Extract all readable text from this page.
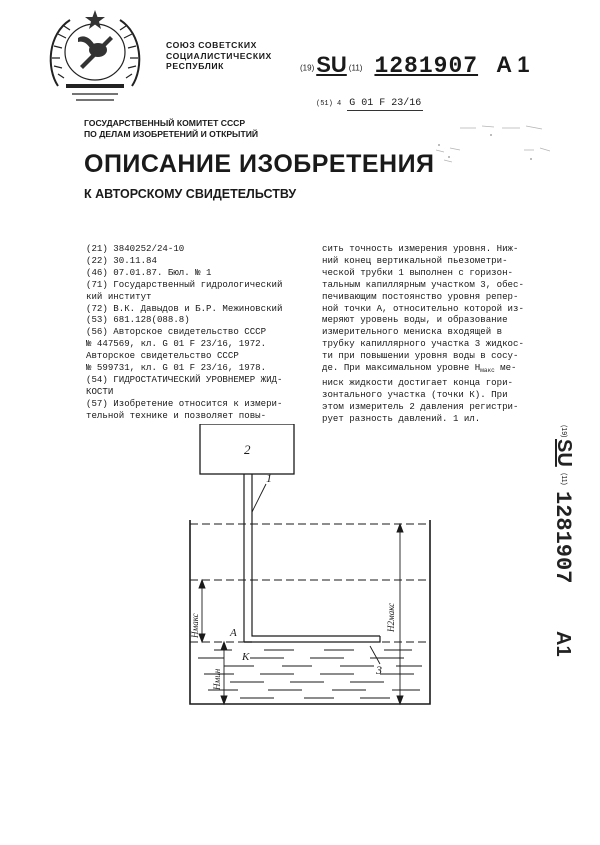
СОЮЗ СОВЕТСКИХ
СОЦИАЛИСТИЧЕСКИХ
РЕСПУБЛИК	(19)SU (11) 1281907 A 1
(51) 4 G 01 F 23/16
ГОСУДАРСТВЕННЫЙ КОМИТЕТ СССР
ПО ДЕЛАМ ИЗОБРЕТЕНИЙ И ОТКРЫТИЙ
ОПИСАНИЕ ИЗОБРЕТЕНИЯ
К АВТОРСКОМУ СВИДЕТЕЛЬСТВУ
(21) 3840252/24-10
(22) 30.11.84
(46) 07.01.87. Бюл. № 1
(71) Государственный гидрологический
кий институт
(72) В.К. Давыдов и Б.Р. Межиновский
(53) 681.128(088.8)
(56) Авторское свидетельство СССР
№ 447569, кл. G 01 F 23/16, 1972.
Авторское свидетельство СССР
№ 599731, кл. G 01 F 23/16, 1978.
(54) ГИДРОСТАТИЧЕСКИЙ УРОВНЕМЕР ЖИД-
КОСТИ
(57) Изобретение относится к измери-
тельной технике и позволяет повы-
сить точность измерения уровня. Ниж-
ний конец вертикальной пьезометри-
ческой трубки 1 выполнен с горизон-
тальным капиллярным участком 3, обес-
печивающим постоянство уровня репер-
ной точки А, относительно которой из-
меряют уровень воды, и образование
измерительного мениска входящей в
трубку капиллярного участка 3 жидкос-
ти при повышении уровня воды в сосу-
де. При максимальном уровне $Н_{макс}$ ме-
ниск жидкости достигает конца гори-
зонтального участка (точки К). При
этом измеритель 2 давления регистри-
рует разность давлений. 1 ил.
(19)
SU
(11)
1281907
A1
2
1
3
A
K
Hмакс
Hмин
H2макс
